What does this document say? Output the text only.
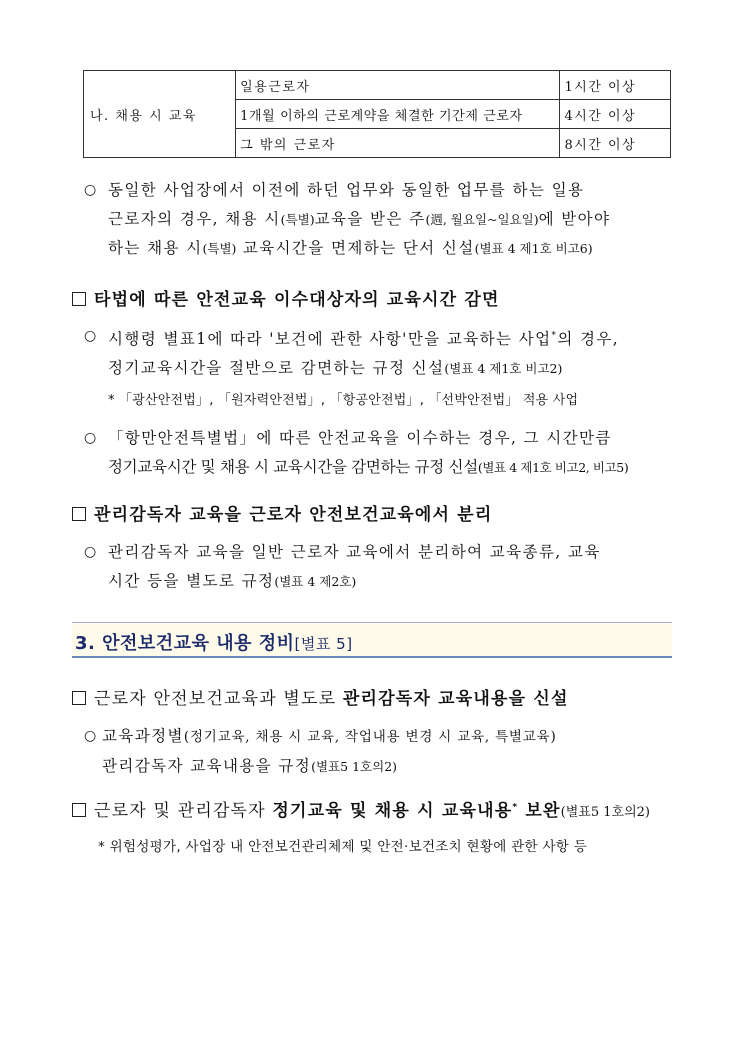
나. 채용 시 교육	일용근로자	1시간 이상
	1개월 이하의 근로계약을 체결한 기간제 근로자	4시간 이상
	그 밖의 근로자	8시간 이상
○ 동일한 사업장에서 이전에 하던 업무와 동일한 업무를 하는 일용
근로자의 경우, 채용 시(특별)교육을 받은 주(週, 월요일~일요일)에 받아야
하는 채용 시(특별) 교육시간을 면제하는 단서 신설(별표 4 제1호 비고6)
타법에 따른 안전교육 이수대상자의 교육시간 감면
○ 시행령 별표1에 따라 '보건에 관한 사항'만을 교육하는 사업*의 경우,
정기교육시간을 절반으로 감면하는 규정 신설(별표 4 제1호 비고2)
* 「광산안전법」, 「원자력안전법」, 「항공안전법」, 「선박안전법」 적용 사업
○ 「항만안전특별법」에 따른 안전교육을 이수하는 경우, 그 시간만큼
정기교육시간 및 채용 시 교육시간을 감면하는 규정 신설(별표 4 제1호 비고2, 비고5)
관리감독자 교육을 근로자 안전보건교육에서 분리
○ 관리감독자 교육을 일반 근로자 교육에서 분리하여 교육종류, 교육
시간 등을 별도로 규정(별표 4 제2호)
3. 안전보건교육 내용 정비[별표 5]
근로자 안전보건교육과 별도로 관리감독자 교육내용을 신설
○ 교육과정별(정기교육, 채용 시 교육, 작업내용 변경 시 교육, 특별교육)
관리감독자 교육내용을 규정(별표5 1호의2)
근로자 및 관리감독자 정기교육 및 채용 시 교육내용* 보완(별표5 1호의2)
* 위험성평가, 사업장 내 안전보건관리체제 및 안전·보건조치 현황에 관한 사항 등
